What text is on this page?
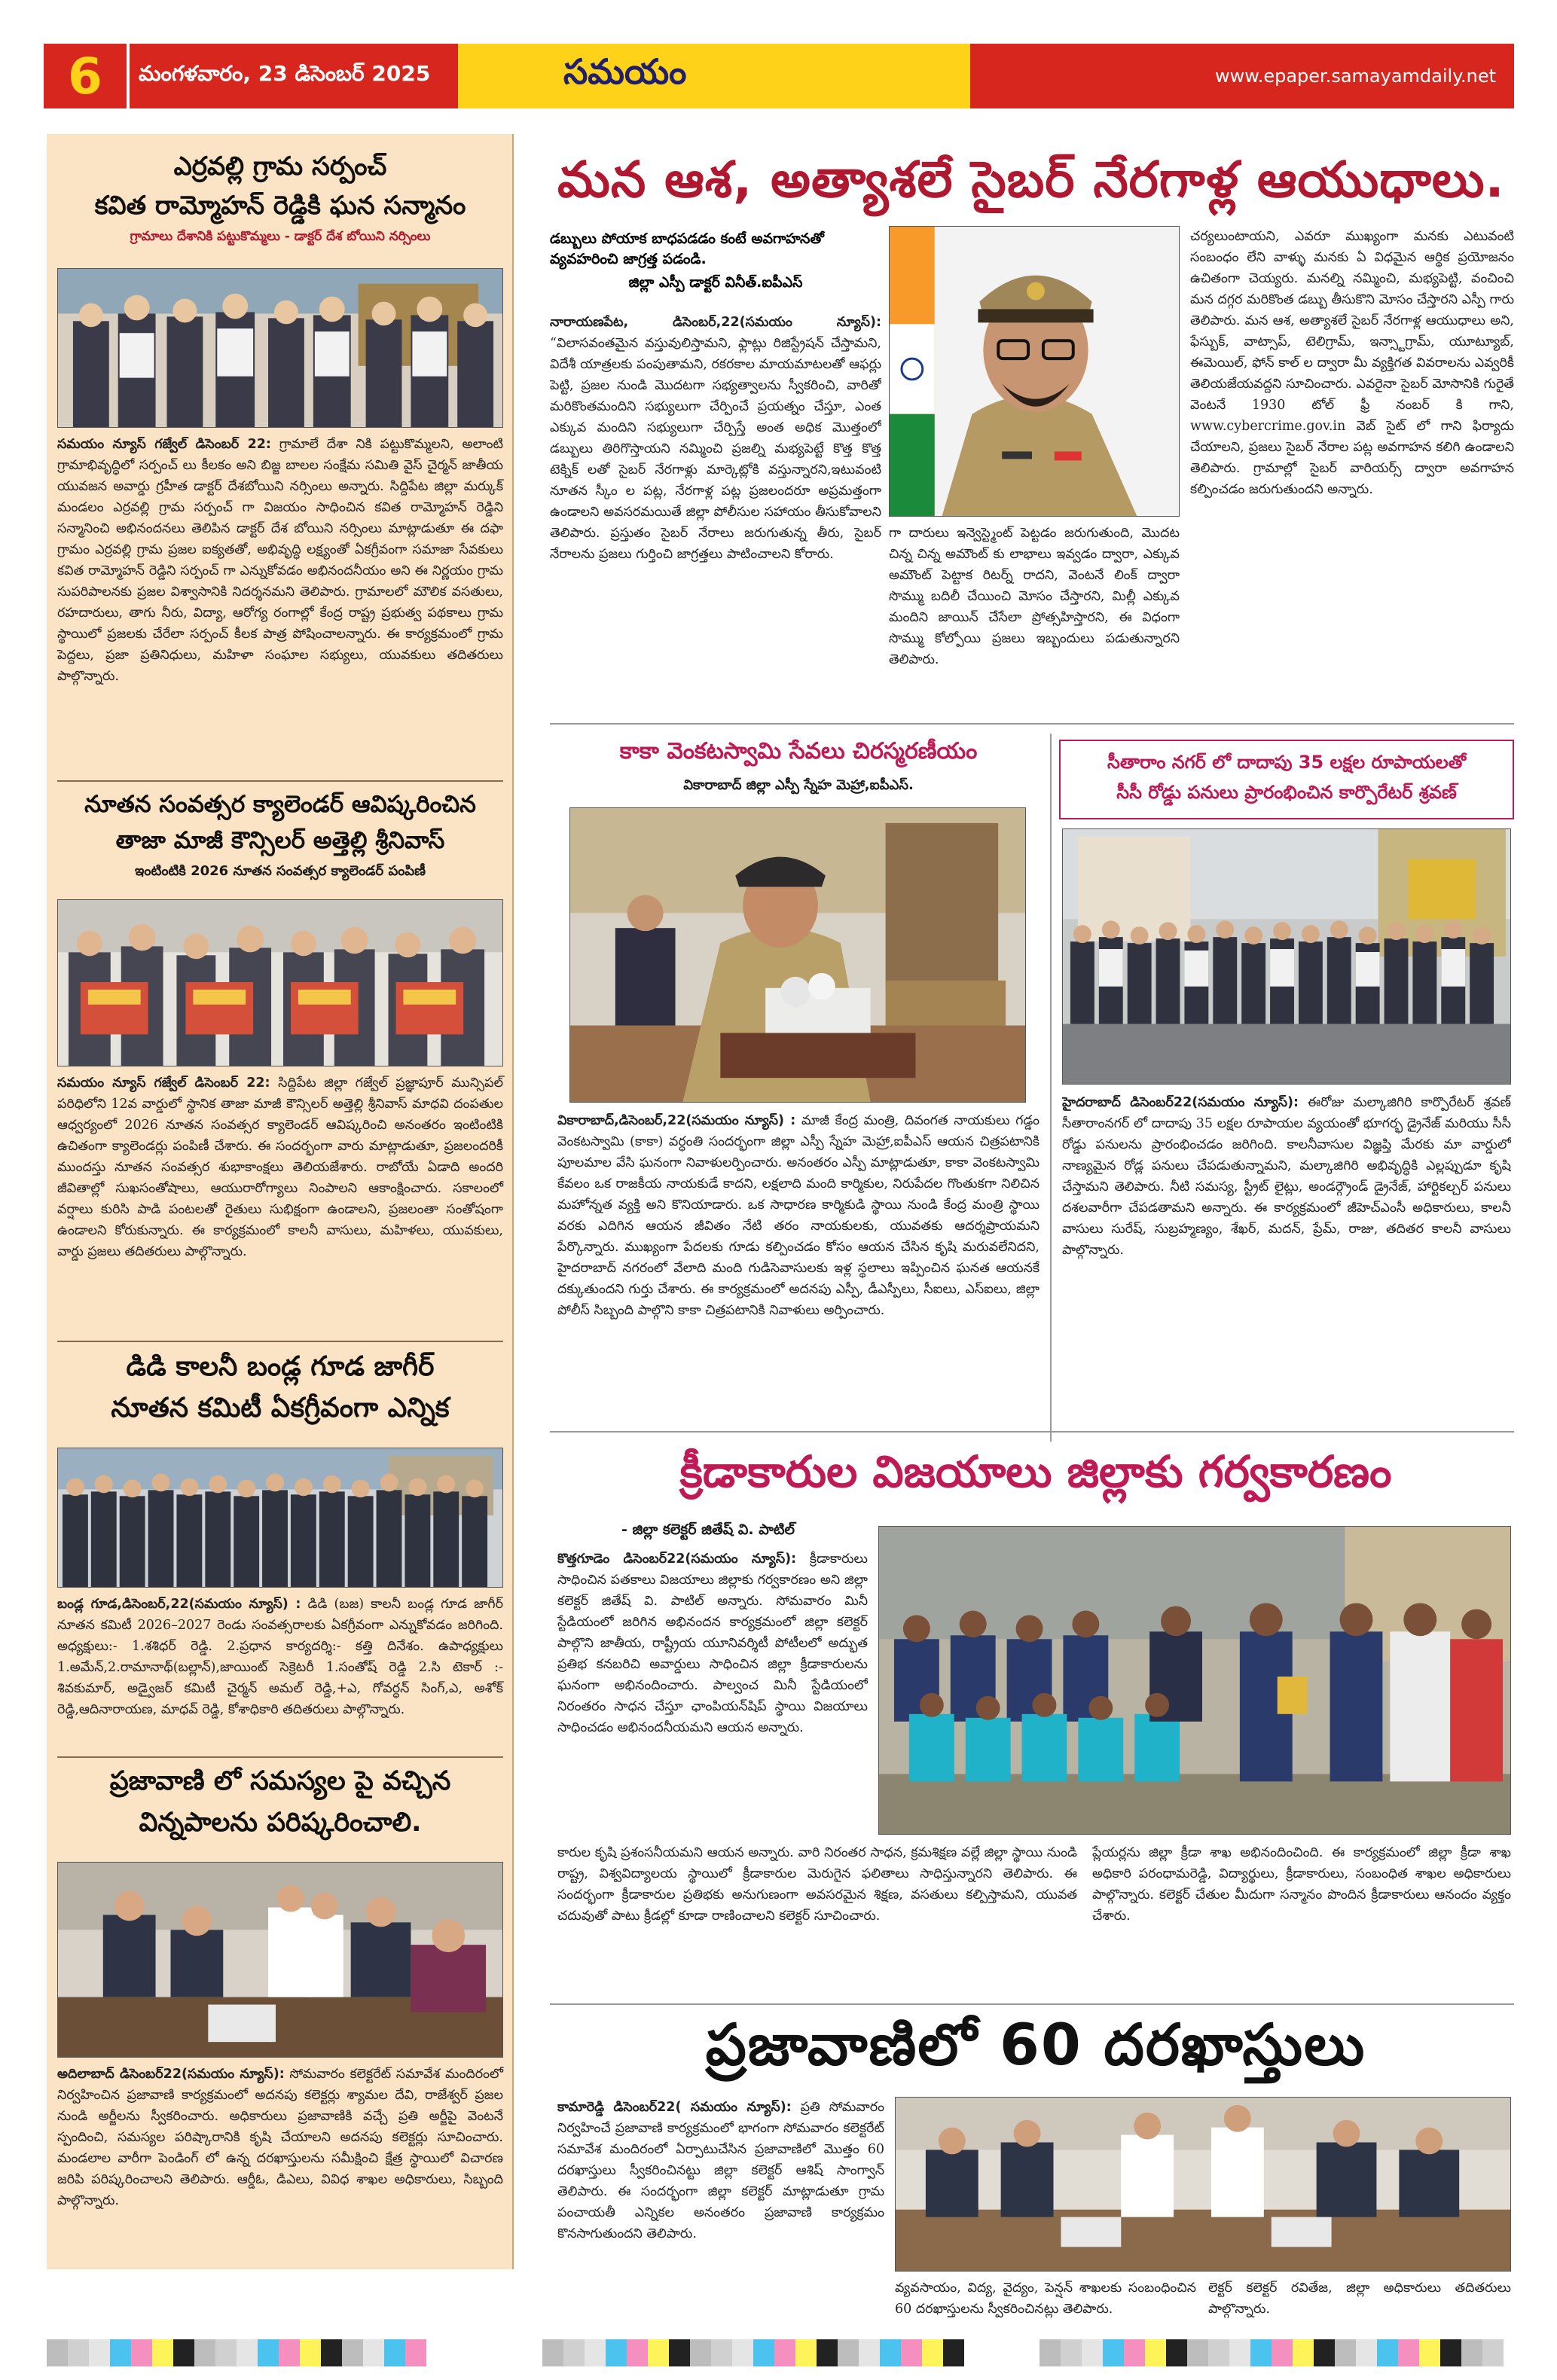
6	మంగళవారం, 23 డిసెంబర్ 2025	సమయం	www.epaper.samayamdaily.net
ఎర్రవల్లి గ్రామ సర్పంచ్
కవిత రామ్మోహన్ రెడ్డికి ఘన సన్మానం
గ్రామాలు దేశానికి పట్టుకొమ్మలు - డాక్టర్ దేశ బోయిని నర్సింలు
సమయం న్యూస్ గజ్వేల్ డిసెంబర్ 22: గ్రామాలే దేశా నికి పట్టుకొమ్మలని, అలాంటి గ్రామాభివృద్ధిలో సర్పంచ్ లు కీలకం అని బిజ్జ బాలల సంక్షేమ సమితి వైస్ చైర్మన్ జాతీయ యువజన అవార్డు గ్రహీత డాక్టర్ దేశబోయిని నర్సింలు అన్నారు. సిద్దిపేట జిల్లా మర్కుక్ మండలం ఎర్రవల్లి గ్రామ సర్పంచ్ గా విజయం సాధించిన కవిత రామ్మోహన్ రెడ్డిని సన్మానించి అభినందనలు తెలిపిన డాక్టర్ దేశ బోయిని నర్సింలు మాట్లాడుతూ ఈ దఫా గ్రామం ఎర్రవల్లి గ్రామ ప్రజల ఐక్యతతో, అభివృద్ధి లక్ష్యంతో ఏకగ్రీవంగా సమాజా సేవకులు కవిత రామ్మోహన్ రెడ్డిని సర్పంచ్ గా ఎన్నుకోవడం అభినందనీయం అని ఈ నిర్ణయం గ్రామ సుపరిపాలనకు ప్రజల విశ్వాసానికి నిదర్శనమని తెలిపారు. గ్రామాలలో మౌలిక వసతులు, రహదారులు, తాగు నీరు, విద్యా, ఆరోగ్య రంగాల్లో కేంద్ర రాష్ట్ర ప్రభుత్వ పథకాలు గ్రామ స్థాయిలో ప్రజలకు చేరేలా సర్పంచ్ కీలక పాత్ర పోషించాలన్నారు. ఈ కార్యక్రమంలో గ్రామ పెద్దలు, ప్రజా ప్రతినిధులు, మహిళా సంఘాల సభ్యులు, యువకులు తదితరులు పాల్గొన్నారు.
నూతన సంవత్సర క్యాలెండర్ ఆవిష్కరించిన
తాజా మాజీ కౌన్సిలర్ అత్తెల్లి శ్రీనివాస్
ఇంటింటికి 2026 నూతన సంవత్సర క్యాలెండర్ పంపిణీ
సమయం న్యూస్ గజ్వేల్ డిసెంబర్ 22: సిద్దిపేట జిల్లా గజ్వేల్ ప్రజ్ఞాపూర్ మున్సిపల్ పరిధిలోని 12వ వార్డులో స్థానిక తాజా మాజీ కౌన్సిలర్ అత్తెల్లి శ్రీనివాస్ మాధవి దంపతుల ఆధ్వర్యంలో 2026 నూతన సంవత్సర క్యాలెండర్ ఆవిష్కరించి అనంతరం ఇంటింటికి ఉచితంగా క్యాలెండర్లు పంపిణీ చేశారు. ఈ సందర్భంగా వారు మాట్లాడుతూ, ప్రజలందరికీ ముందస్తు నూతన సంవత్సర శుభాకాంక్షలు తెలియజేశారు. రాబోయే ఏడాది అందరి జీవితాల్లో సుఖసంతోషాలు, ఆయురారోగ్యాలు నింపాలని ఆకాంక్షించారు. సకాలంలో వర్షాలు కురిసి పాడి పంటలతో రైతులు సుభిక్షంగా ఉండాలని, ప్రజలంతా సంతోషంగా ఉండాలని కోరుకున్నారు. ఈ కార్యక్రమంలో కాలనీ వాసులు, మహిళలు, యువకులు, వార్డు ప్రజలు తదితరులు పాల్గొన్నారు.
డిడి కాలనీ బండ్ల గూడ జాగీర్
నూతన కమిటీ ఏకగ్రీవంగా ఎన్నిక
బండ్ల గూడ,డిసెంబర్,22(సమయం న్యూస్) : డిడి (బజ) కాలనీ బండ్ల గూడ జాగీర్ నూతన కమిటీ 2026–2027 రెండు సంవత్సరాలకు ఏకగ్రీవంగా ఎన్నుకోవడం జరిగింది. అధ్యక్షులు:- 1.శశిధర్ రెడ్డి. 2.ప్రధాన కార్యదర్శి:- కత్తి దినేశం. ఉపాధ్యక్షులు 1.అమేన్,2.రామానాథ్(బల్లాన్),జాయింట్ సెక్రెటరీ 1.సంతోష్ రెడ్డి 2.సి టెకార్ :- శివకుమార్, అడ్వైజర్ కమిటీ చైర్మన్ అమల్ రెడ్డి,+ఎ, గోవర్ధన్ సింగ్,ఎ, అశోక్ రెడ్డి,ఆదినారాయణ, మాధవ్ రెడ్డి, కోశాధికారి తదితరులు పాల్గొన్నారు.
ప్రజావాణి లో సమస్యల పై వచ్చిన
విన్నపాలను పరిష్కరించాలి.
అదిలాబాద్ డిసెంబర్22(సమయం న్యూస్): సోమవారం కలెక్టరేట్ సమావేశ మందిరంలో నిర్వహించిన ప్రజావాణి కార్యక్రమంలో అదనపు కలెక్టర్లు శ్యామల దేవి, రాజేశ్వర్ ప్రజల నుండి అర్జీలను స్వీకరించారు. అధికారులు ప్రజావాణికి వచ్చే ప్రతి అర్జీపై వెంటనే స్పందించి, సమస్యల పరిష్కారానికి కృషి చేయాలని అదనపు కలెక్టర్లు సూచించారు. మండలాల వారీగా పెండింగ్ లో ఉన్న దరఖాస్తులను సమీక్షించి క్షేత్ర స్థాయిలో విచారణ జరిపి పరిష్కరించాలని తెలిపారు. ఆర్డీఓ, డిఎలు, వివిధ శాఖల అధికారులు, సిబ్బంది పాల్గొన్నారు.
మన ఆశ, అత్యాశలే సైబర్ నేరగాళ్ల ఆయుధాలు.
డబ్బులు పోయాక బాధపడడం కంటే అవగాహనతో
వ్యవహరించి జాగ్రత్త పడండి.
జిల్లా ఎస్పీ డాక్టర్ వినీత్.ఐపీఎస్
నారాయణపేట, డిసెంబర్,22(సమయం న్యూస్): “విలాసవంతమైన వస్తువులిస్తామని, ఫ్లాట్లు రిజిస్ట్రేషన్ చేస్తామని, విదేశీ యాత్రలకు పంపుతామని, రకరకాల మాయమాటలతో ఆఫర్లు పెట్టి, ప్రజల నుండి మొదటగా సభ్యత్వాలను స్వీకరించి, వారితో మరికొంతమందిని సభ్యులుగా చేర్పించే ప్రయత్నం చేస్తూ, ఎంత ఎక్కువ మందిని సభ్యులుగా చేర్పిస్తే అంత అధిక మొత్తంలో డబ్బులు తిరిగొస్తాయని నమ్మించి ప్రజల్ని మభ్యపెట్టే కొత్త కొత్త టెక్నిక్ లతో సైబర్ నేరగాళ్లు మార్కెట్లోకి వస్తున్నారని,ఇటువంటి నూతన స్కీం ల పట్ల, నేరగాళ్ల పట్ల ప్రజలందరూ అప్రమత్తంగా ఉండాలని అవసరమయితే జిల్లా పోలీసుల సహాయం తీసుకోవాలని తెలిపారు. ప్రస్తుతం సైబర్ నేరాలు జరుగుతున్న తీరు, సైబర్ నేరాలను ప్రజలు గుర్తించి జాగ్రత్తలు పాటించాలని కోరారు.
గా దారులు ఇన్వెస్ట్మెంట్ పెట్టడం జరుగుతుంది, మొదట చిన్న చిన్న అమౌంట్ కు లాభాలు ఇవ్వడం ద్వారా, ఎక్కువ అమౌంట్ పెట్టాక రిటర్న్ రాదని, వెంటనే లింక్ ద్వారా సొమ్ము బదిలీ చేయించి మోసం చేస్తారని, మిల్లీ ఎక్కువ మందిని జాయిన్ చేసేలా ప్రోత్సహిస్తారని, ఈ విధంగా సొమ్ము కోల్పోయి ప్రజలు ఇబ్బందులు పడుతున్నారని తెలిపారు.
చర్యలుంటాయని, ఎవరూ ముఖ్యంగా మనకు ఎటువంటి సంబంధం లేని వాళ్ళు మనకు ఏ విధమైన ఆర్థిక ప్రయోజనం ఉచితంగా చెయ్యరు. మనల్ని నమ్మించి, మభ్యపెట్టి, వంచించి మన దగ్గర మరికొంత డబ్బు తీసుకొని మోసం చేస్తారని ఎస్పీ గారు తెలిపారు. మన ఆశ, అత్యాశలే సైబర్ నేరగాళ్ల ఆయుధాలు అని, ఫేస్బుక్, వాట్సాప్, టెలిగ్రామ్, ఇన్స్టాగ్రామ్, యూట్యూబ్, ఈమెయిల్, ఫోన్ కాల్ ల ద్వారా మీ వ్యక్తిగత వివరాలను ఎవ్వరికీ తెలియజేయవద్దని సూచించారు. ఎవరైనా సైబర్ మోసానికి గురైతే వెంటనే 1930 టోల్ ఫ్రీ నంబర్ కి గాని, www.cybercrime.gov.in వెబ్ సైట్ లో గాని ఫిర్యాదు చేయాలని, ప్రజలు సైబర్ నేరాల పట్ల అవగాహన కలిగి ఉండాలని తెలిపారు. గ్రామాల్లో సైబర్ వారియర్స్ ద్వారా అవగాహన కల్పించడం జరుగుతుందని అన్నారు.
కాకా వెంకటస్వామి సేవలు చిరస్మరణీయం
వికారాబాద్ జిల్లా ఎస్పీ స్నేహ మెహ్రా,ఐపీఎస్.
వికారాబాద్,డిసెంబర్,22(సమయం న్యూస్) : మాజీ కేంద్ర మంత్రి, దివంగత నాయకులు గడ్డం వెంకటస్వామి (కాకా) వర్ధంతి సందర్భంగా జిల్లా ఎస్పీ స్నేహ మెహ్రా,ఐపీఎస్ ఆయన చిత్రపటానికి పూలమాల వేసి ఘనంగా నివాళులర్పించారు. అనంతరం ఎస్పీ మాట్లాడుతూ, కాకా వెంకటస్వామి కేవలం ఒక రాజకీయ నాయకుడే కాదని, లక్షలాది మంది కార్మికుల, నిరుపేదల గొంతుకగా నిలిచిన మహోన్నత వ్యక్తి అని కొనియాడారు. ఒక సాధారణ కార్మికుడి స్థాయి నుండి కేంద్ర మంత్రి స్థాయి వరకు ఎదిగిన ఆయన జీవితం నేటి తరం నాయకులకు, యువతకు ఆదర్శప్రాయమని పేర్కొన్నారు. ముఖ్యంగా పేదలకు గూడు కల్పించడం కోసం ఆయన చేసిన కృషి మరువలేనిదని, హైదరాబాద్ నగరంలో వేలాది మంది గుడిసెవాసులకు ఇళ్ల స్థలాలు ఇప్పించిన ఘనత ఆయనకే దక్కుతుందని గుర్తు చేశారు. ఈ కార్యక్రమంలో అదనపు ఎస్పీ, డీఎస్పీలు, సీఐలు, ఎస్ఐలు, జిల్లా పోలీస్ సిబ్బంది పాల్గొని కాకా చిత్రపటానికి నివాళులు అర్పించారు.
సీతారాం నగర్ లో దాదాపు 35 లక్షల రూపాయలతో
సీసీ రోడ్డు పనులు ప్రారంభించిన కార్పొరేటర్ శ్రవణ్
హైదరాబాద్ డిసెంబర్22(సమయం న్యూస్): ఈరోజు మల్కాజిగిరి కార్పొరేటర్ శ్రవణ్ సీతారాంనగర్ లో దాదాపు 35 లక్షల రూపాయల వ్యయంతో భూగర్భ డ్రైనేజ్ మరియు సీసీ రోడ్డు పనులను ప్రారంభించడం జరిగింది. కాలనీవాసుల విజ్ఞప్తి మేరకు మా వార్డులో నాణ్యమైన రోడ్ల పనులు చేపడుతున్నామని, మల్కాజిగిరి అభివృద్ధికి ఎల్లప్పుడూ కృషి చేస్తామని తెలిపారు. నీటి సమస్య, స్ట్రీట్ లైట్లు, అండర్గ్రౌండ్ డ్రైనేజ్, హార్టికల్చర్ పనులు దశలవారీగా చేపడతామని అన్నారు. ఈ కార్యక్రమంలో జీహెచ్ఎంసీ అధికారులు, కాలనీ వాసులు సురేష్, సుబ్రహ్మణ్యం, శేఖర్, మదన్, ప్రేమ్, రాజు, తదితర కాలనీ వాసులు పాల్గొన్నారు.
క్రీడాకారుల విజయాలు జిల్లాకు గర్వకారణం
- జిల్లా కలెక్టర్ జితేష్ వి. పాటిల్
కొత్తగూడెం డిసెంబర్22(సమయం న్యూస్): క్రీడాకారులు సాధించిన పతకాలు విజయాలు జిల్లాకు గర్వకారణం అని జిల్లా కలెక్టర్ జితేష్ వి. పాటిల్ అన్నారు. సోమవారం మినీ స్టేడియంలో జరిగిన అభినందన కార్యక్రమంలో జిల్లా కలెక్టర్ పాల్గొని జాతీయ, రాష్ట్రీయ యూనివర్శిటీ పోటీలలో అద్భుత ప్రతిభ కనబరిచి అవార్డులు సాధించిన జిల్లా క్రీడాకారులను ఘనంగా అభినందించారు. పాల్వంచ మినీ స్టేడియంలో నిరంతరం సాధన చేస్తూ ఛాంపియన్‌షిప్ స్థాయి విజయాలు సాధించడం అభినందనీయమని ఆయన అన్నారు.
కారుల కృషి ప్రశంసనీయమని ఆయన అన్నారు. వారి నిరంతర సాధన, క్రమశిక్షణ వల్లే జిల్లా స్థాయి నుండి రాష్ట్ర, విశ్వవిద్యాలయ స్థాయిలో క్రీడాకారుల మెరుగైన ఫలితాలు సాధిస్తున్నారని తెలిపారు. ఈ సందర్భంగా క్రీడాకారుల ప్రతిభకు అనుగుణంగా అవసరమైన శిక్షణ, వసతులు కల్పిస్తామని, యువత చదువుతో పాటు క్రీడల్లో కూడా రాణించాలని కలెక్టర్ సూచించారు.
ప్లేయర్లను జిల్లా క్రీడా శాఖ అభినందించింది. ఈ కార్యక్రమంలో జిల్లా క్రీడా శాఖ అధికారి పరంధామరెడ్డి, విద్యార్థులు, క్రీడాకారులు, సంబంధిత శాఖల అధికారులు పాల్గొన్నారు. కలెక్టర్ చేతుల మీదుగా సన్మానం పొందిన క్రీడాకారులు ఆనందం వ్యక్తం చేశారు.
ప్రజావాణిలో 60 దరఖాస్తులు
కామారెడ్డి డిసెంబర్22( సమయం న్యూస్): ప్రతి సోమవారం నిర్వహించే ప్రజావాణి కార్యక్రమంలో భాగంగా సోమవారం కలెక్టరేట్ సమావేశ మందిరంలో ఏర్పాటుచేసిన ప్రజావాణిలో మొత్తం 60 దరఖాస్తులు స్వీకరించినట్టు జిల్లా కలెక్టర్ ఆశిష్ సాంగ్వాన్ తెలిపారు. ఈ సందర్భంగా జిల్లా కలెక్టర్ మాట్లాడుతూ గ్రామ పంచాయతీ ఎన్నికల అనంతరం ప్రజావాణి కార్యక్రమం కొనసాగుతుందని తెలిపారు.
వ్యవసాయం, విద్య, వైద్యం, పెన్షన్ శాఖలకు సంబంధించిన 60 దరఖాస్తులను స్వీకరించినట్లు తెలిపారు.
లెక్టర్ కలెక్టర్ రవితేజ, జిల్లా అధికారులు తదితరులు పాల్గొన్నారు.
